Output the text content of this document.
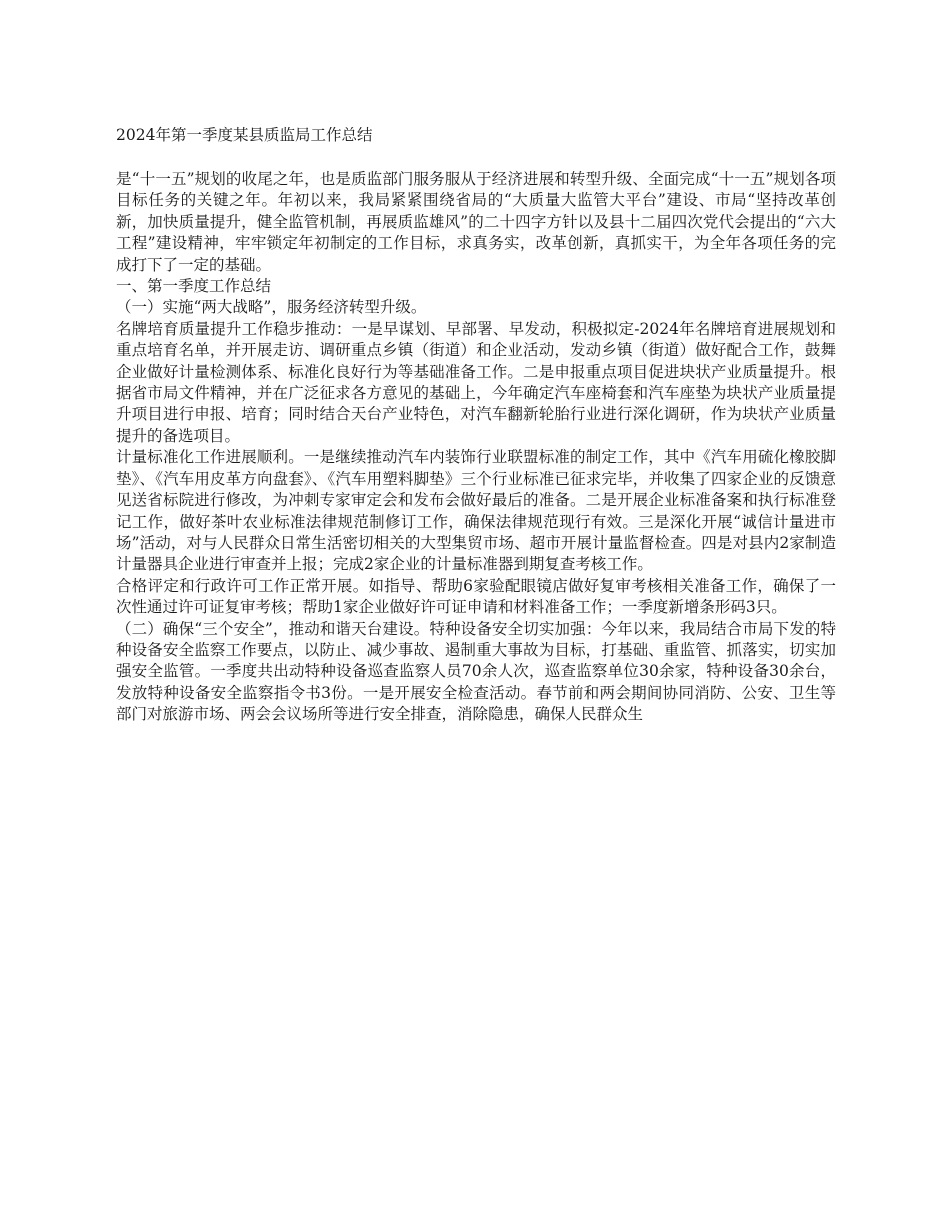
2024年第一季度某县质监局工作总结

是“十一五”规划的收尾之年，也是质监部门服务服从于经济进展和转型升级、全面完成“十一五”规划各项目标任务的关键之年。年初以来，我局紧紧围绕省局的“大质量大监管大平台”建设、市局“坚持改革创新，加快质量提升，健全监管机制，再展质监雄风”的二十四字方针以及县十二届四次党代会提出的“六大工程”建设精神，牢牢锁定年初制定的工作目标，求真务实，改革创新，真抓实干，为全年各项任务的完成打下了一定的基础。

一、第一季度工作总结

（一）实施“两大战略”，服务经济转型升级。

名牌培育质量提升工作稳步推动：一是早谋划、早部署、早发动，积极拟定-2024年名牌培育进展规划和重点培育名单，并开展走访、调研重点乡镇（街道）和企业活动，发动乡镇（街道）做好配合工作，鼓舞企业做好计量检测体系、标准化良好行为等基础准备工作。二是申报重点项目促进块状产业质量提升。根据省市局文件精神，并在广泛征求各方意见的基础上，今年确定汽车座椅套和汽车座垫为块状产业质量提升项目进行申报、培育；同时结合天台产业特色，对汽车翻新轮胎行业进行深化调研，作为块状产业质量提升的备选项目。

计量标准化工作进展顺利。一是继续推动汽车内装饰行业联盟标准的制定工作，其中《汽车用硫化橡胶脚垫》、《汽车用皮革方向盘套》、《汽车用塑料脚垫》三个行业标准已征求完毕，并收集了四家企业的反馈意见送省标院进行修改，为冲刺专家审定会和发布会做好最后的准备。二是开展企业标准备案和执行标准登记工作，做好茶叶农业标准法律规范制修订工作，确保法律规范现行有效。三是深化开展“诚信计量进市场”活动，对与人民群众日常生活密切相关的大型集贸市场、超市开展计量监督检查。四是对县内2家制造计量器具企业进行审查并上报；完成2家企业的计量标准器到期复查考核工作。

合格评定和行政许可工作正常开展。如指导、帮助6家验配眼镜店做好复审考核相关准备工作，确保了一次性通过许可证复审考核；帮助1家企业做好许可证申请和材料准备工作；一季度新增条形码3只。

（二）确保“三个安全”，推动和谐天台建设。特种设备安全切实加强：今年以来，我局结合市局下发的特种设备安全监察工作要点，以防止、减少事故、遏制重大事故为目标，打基础、重监管、抓落实，切实加强安全监管。一季度共出动特种设备巡查监察人员70余人次，巡查监察单位30余家，特种设备30余台，发放特种设备安全监察指令书3份。一是开展安全检查活动。春节前和两会期间协同消防、公安、卫生等部门对旅游市场、两会会议场所等进行安全排查，消除隐患，确保人民群众生
